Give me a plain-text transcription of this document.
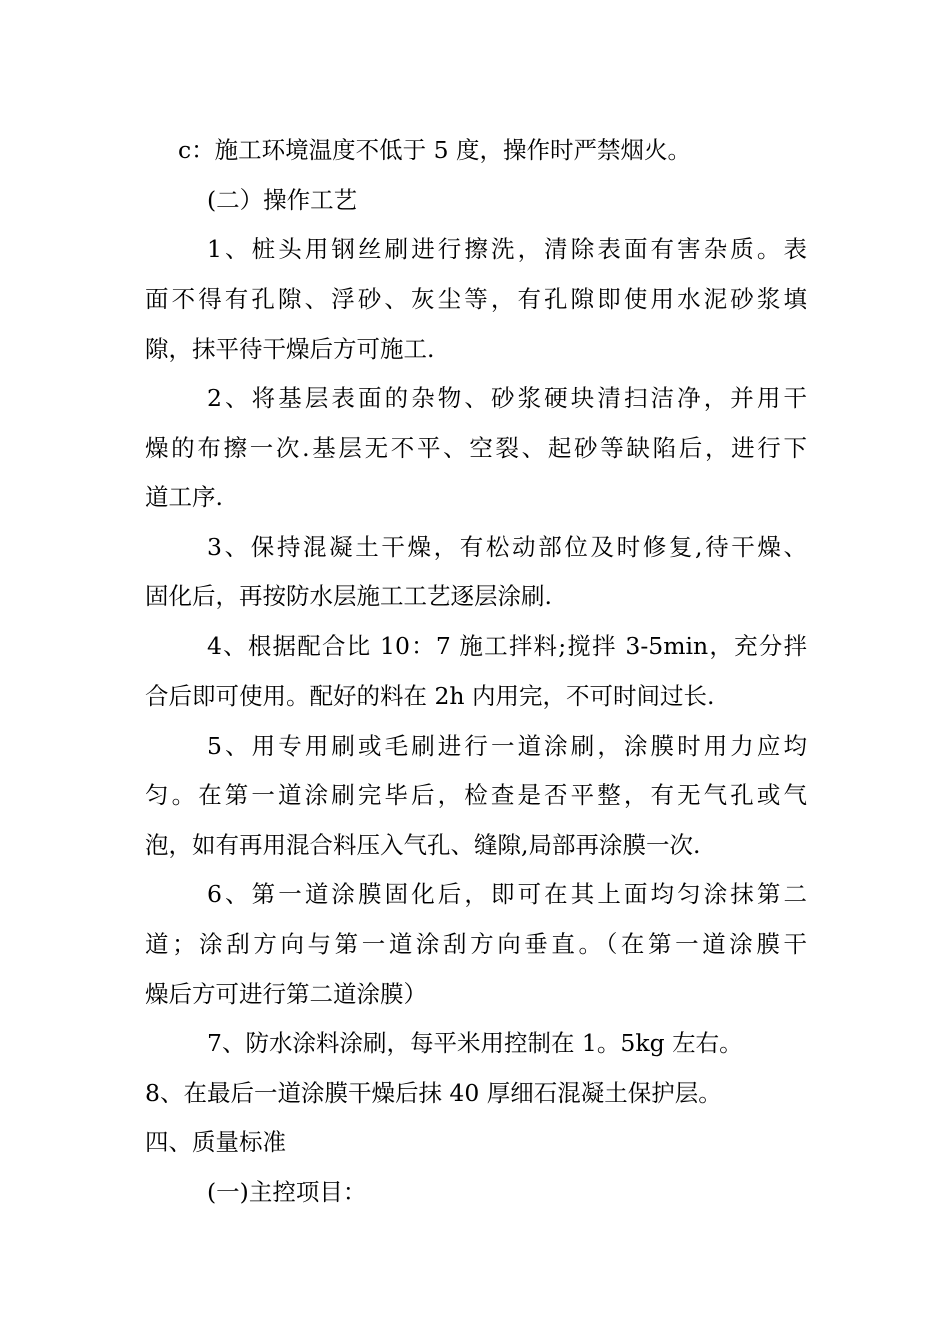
c：施工环境温度不低于 5 度，操作时严禁烟火。
(二）操作工艺
1、桩头用钢丝刷进行擦洗，清除表面有害杂质。表
面不得有孔隙、浮砂、灰尘等，有孔隙即使用水泥砂浆填
隙，抹平待干燥后方可施工.
2、将基层表面的杂物、砂浆硬块清扫洁净，并用干
燥的布擦一次.基层无不平、空裂、起砂等缺陷后，进行下
道工序.
3、保持混凝土干燥，有松动部位及时修复,待干燥、
固化后，再按防水层施工工艺逐层涂刷.
4、根据配合比 10：7 施工拌料;搅拌 3-5min，充分拌
合后即可使用。配好的料在 2h 内用完，不可时间过长.
5、用专用刷或毛刷进行一道涂刷，涂膜时用力应均
匀。在第一道涂刷完毕后，检查是否平整，有无气孔或气
泡，如有再用混合料压入气孔、缝隙,局部再涂膜一次.
6、第一道涂膜固化后，即可在其上面均匀涂抹第二
道；涂刮方向与第一道涂刮方向垂直。（在第一道涂膜干
燥后方可进行第二道涂膜）
7、防水涂料涂刷，每平米用控制在 1。5kg 左右。
8、在最后一道涂膜干燥后抹 40 厚细石混凝土保护层。
四、质量标准
(一)主控项目：
